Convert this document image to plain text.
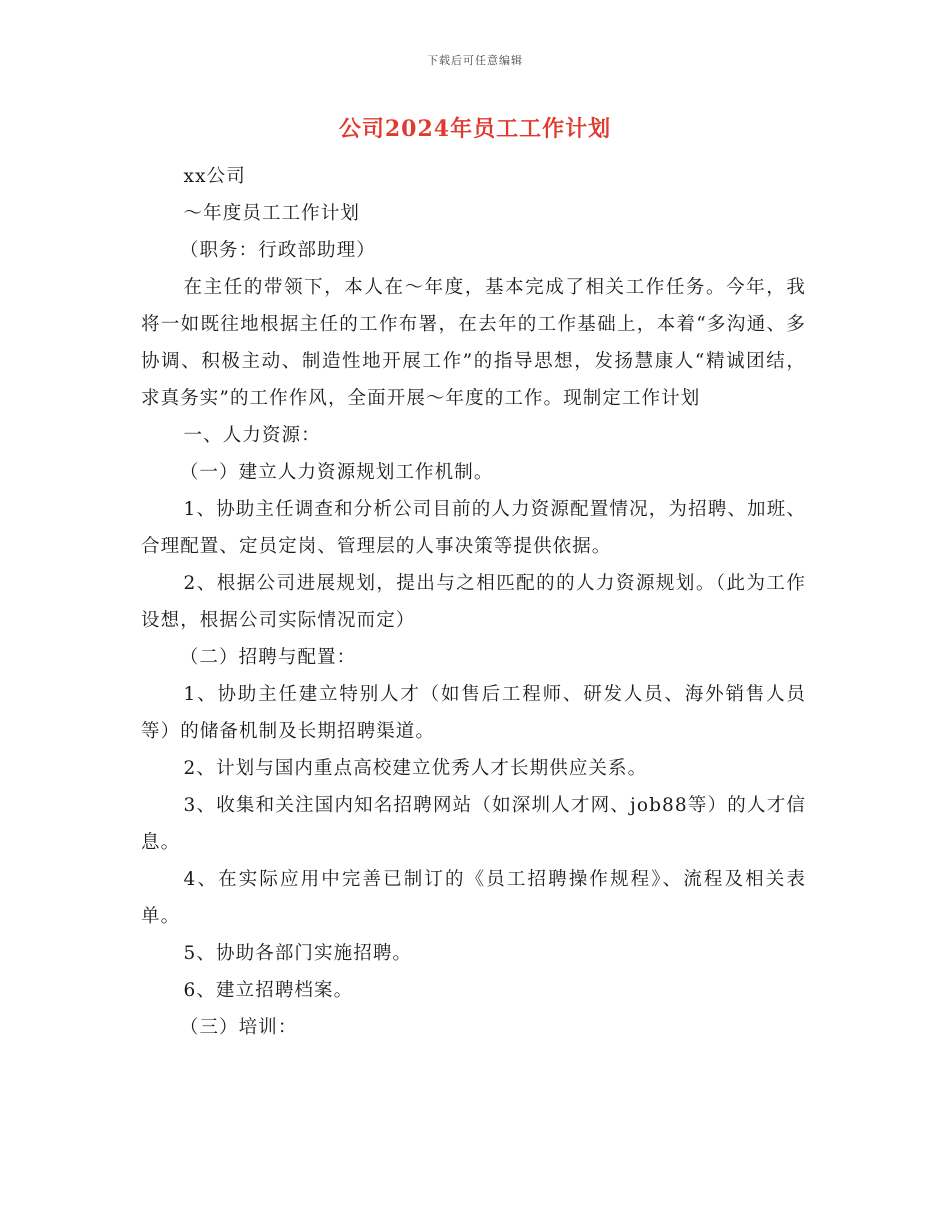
下载后可任意编辑
公司2024年员工工作计划

xx公司

～年度员工工作计划

（职务：行政部助理）

在主任的带领下，本人在～年度，基本完成了相关工作任务。今年，我将一如既往地根据主任的工作布署，在去年的工作基础上，本着“多沟通、多协调、积极主动、制造性地开展工作”的指导思想，发扬慧康人“精诚团结，求真务实”的工作作风，全面开展～年度的工作。现制定工作计划

一、人力资源：

（一）建立人力资源规划工作机制。

1、协助主任调查和分析公司目前的人力资源配置情况，为招聘、加班、合理配置、定员定岗、管理层的人事决策等提供依据。

2、根据公司进展规划，提出与之相匹配的的人力资源规划。（此为工作设想，根据公司实际情况而定）

（二）招聘与配置：

1、协助主任建立特别人才（如售后工程师、研发人员、海外销售人员等）的储备机制及长期招聘渠道。

2、计划与国内重点高校建立优秀人才长期供应关系。

3、收集和关注国内知名招聘网站（如深圳人才网、job88等）的人才信息。

4、在实际应用中完善已制订的《员工招聘操作规程》、流程及相关表单。

5、协助各部门实施招聘。

6、建立招聘档案。

（三）培训：
